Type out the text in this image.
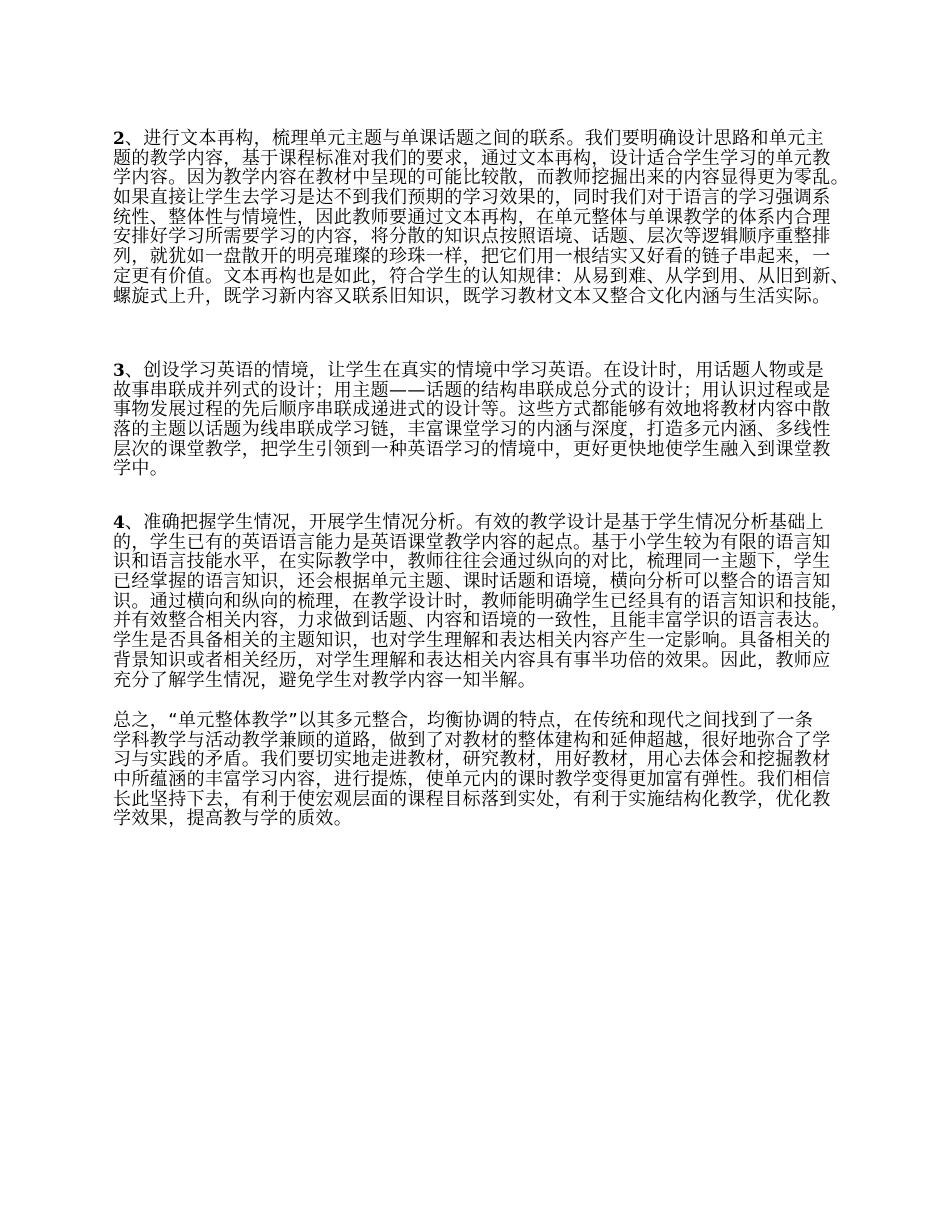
2、进行文本再构，梳理单元主题与单课话题之间的联系。我们要明确设计思路和单元主
题的教学内容，基于课程标准对我们的要求，通过文本再构，设计适合学生学习的单元教
学内容。因为教学内容在教材中呈现的可能比较散，而教师挖掘出来的内容显得更为零乱。
如果直接让学生去学习是达不到我们预期的学习效果的，同时我们对于语言的学习强调系
统性、整体性与情境性，因此教师要通过文本再构，在单元整体与单课教学的体系内合理
安排好学习所需要学习的内容，将分散的知识点按照语境、话题、层次等逻辑顺序重整排
列，就犹如一盘散开的明亮璀璨的珍珠一样，把它们用一根结实又好看的链子串起来，一
定更有价值。文本再构也是如此，符合学生的认知规律：从易到难、从学到用、从旧到新、
螺旋式上升，既学习新内容又联系旧知识，既学习教材文本又整合文化内涵与生活实际。
3、创设学习英语的情境，让学生在真实的情境中学习英语。在设计时，用话题人物或是
故事串联成并列式的设计；用主题——话题的结构串联成总分式的设计；用认识过程或是
事物发展过程的先后顺序串联成递进式的设计等。这些方式都能够有效地将教材内容中散
落的主题以话题为线串联成学习链，丰富课堂学习的内涵与深度，打造多元内涵、多线性
层次的课堂教学，把学生引领到一种英语学习的情境中，更好更快地使学生融入到课堂教
学中。
4、准确把握学生情况，开展学生情况分析。有效的教学设计是基于学生情况分析基础上
的，学生已有的英语语言能力是英语课堂教学内容的起点。基于小学生较为有限的语言知
识和语言技能水平，在实际教学中，教师往往会通过纵向的对比，梳理同一主题下，学生
已经掌握的语言知识，还会根据单元主题、课时话题和语境，横向分析可以整合的语言知
识。通过横向和纵向的梳理，在教学设计时，教师能明确学生已经具有的语言知识和技能，
并有效整合相关内容，力求做到话题、内容和语境的一致性，且能丰富学识的语言表达。
学生是否具备相关的主题知识，也对学生理解和表达相关内容产生一定影响。具备相关的
背景知识或者相关经历，对学生理解和表达相关内容具有事半功倍的效果。因此，教师应
充分了解学生情况，避免学生对教学内容一知半解。
总之，“单元整体教学”以其多元整合，均衡协调的特点，在传统和现代之间找到了一条
学科教学与活动教学兼顾的道路，做到了对教材的整体建构和延伸超越，很好地弥合了学
习与实践的矛盾。我们要切实地走进教材，研究教材，用好教材，用心去体会和挖掘教材
中所蕴涵的丰富学习内容，进行提炼，使单元内的课时教学变得更加富有弹性。我们相信
长此坚持下去，有利于使宏观层面的课程目标落到实处，有利于实施结构化教学，优化教
学效果，提高教与学的质效。
